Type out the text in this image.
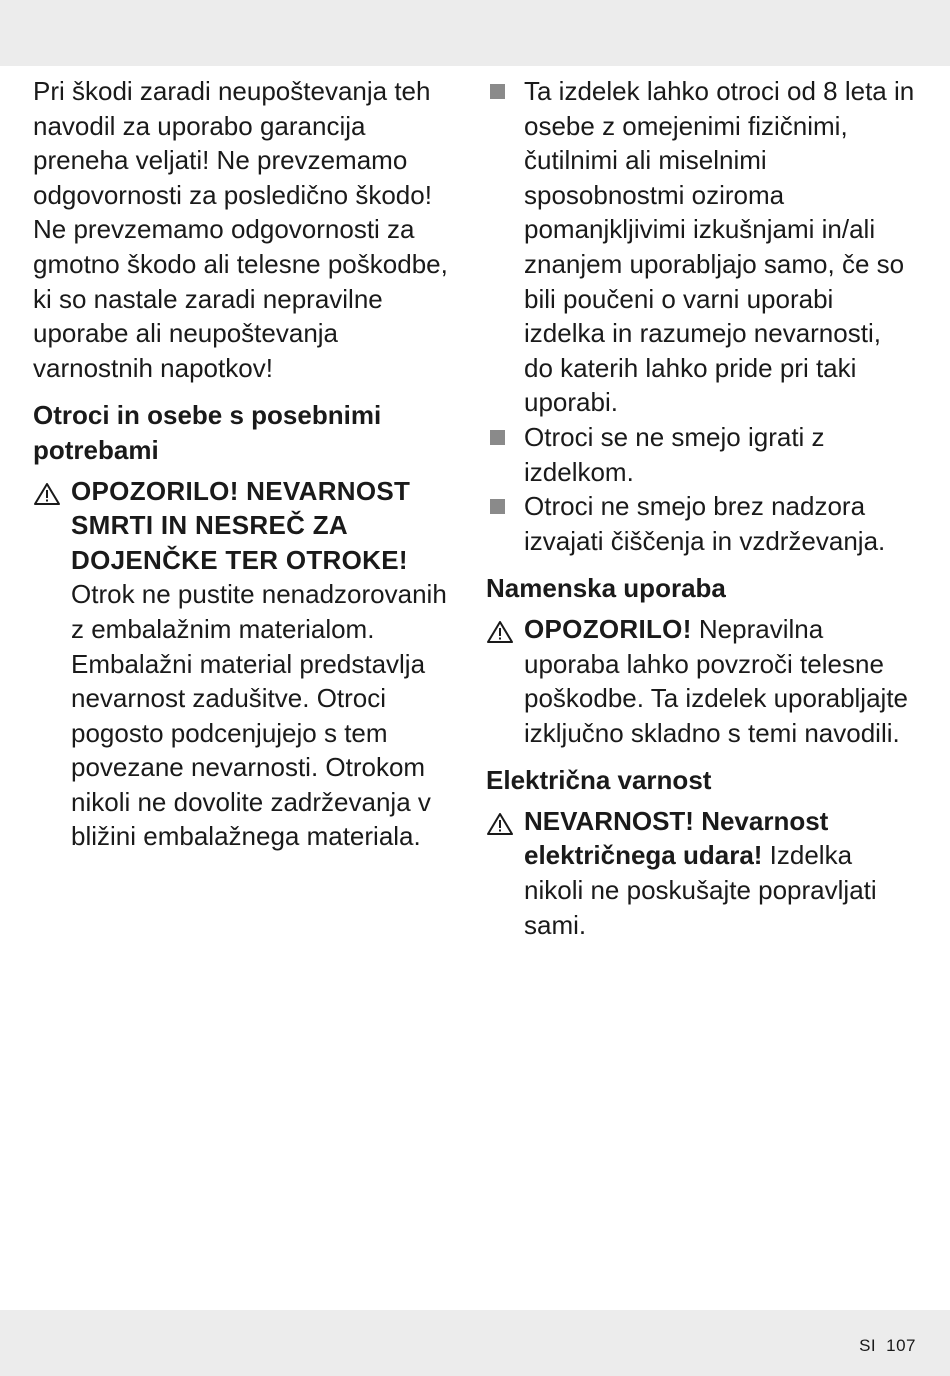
Pri škodi zaradi neupoštevanja teh navodil za uporabo garancija preneha veljati! Ne prevzemamo odgovornosti za posledično škodo! Ne prevzemamo odgovornosti za gmotno škodo ali telesne poškodbe, ki so nastale zaradi nepravilne uporabe ali neupoštevanja varnostnih napotkov!

Otroci in osebe s posebnimi potrebami
OPOZORILO! NEVARNOST SMRTI IN NESREČ ZA DOJENČKE TER OTROKE!
Otrok ne pustite nenadzorovanih z embalažnim materialom. Embalažni material predstavlja nevarnost zadušitve. Otroci pogosto podcenjujejo s tem povezane nevarnosti. Otrokom nikoli ne dovolite zadrževanja v bližini embalažnega materiala.
Ta izdelek lahko otroci od 8 leta in osebe z omejenimi fizičnimi, čutilnimi ali miselnimi sposobnostmi oziroma pomanjkljivimi izkušnjami in/ali znanjem uporabljajo samo, če so bili poučeni o varni uporabi izdelka in razumejo nevarnosti, do katerih lahko pride pri taki uporabi.
Otroci se ne smejo igrati z izdelkom.
Otroci ne smejo brez nadzora izvajati čiščenja in vzdrževanja.
Namenska uporaba
OPOZORILO! Nepravilna uporaba lahko povzroči telesne poškodbe. Ta izdelek uporabljajte izključno skladno s temi navodili.
Električna varnost
NEVARNOST! Nevarnost električnega udara! Izdelka nikoli ne poskušajte popravljati sami.
SI 107
